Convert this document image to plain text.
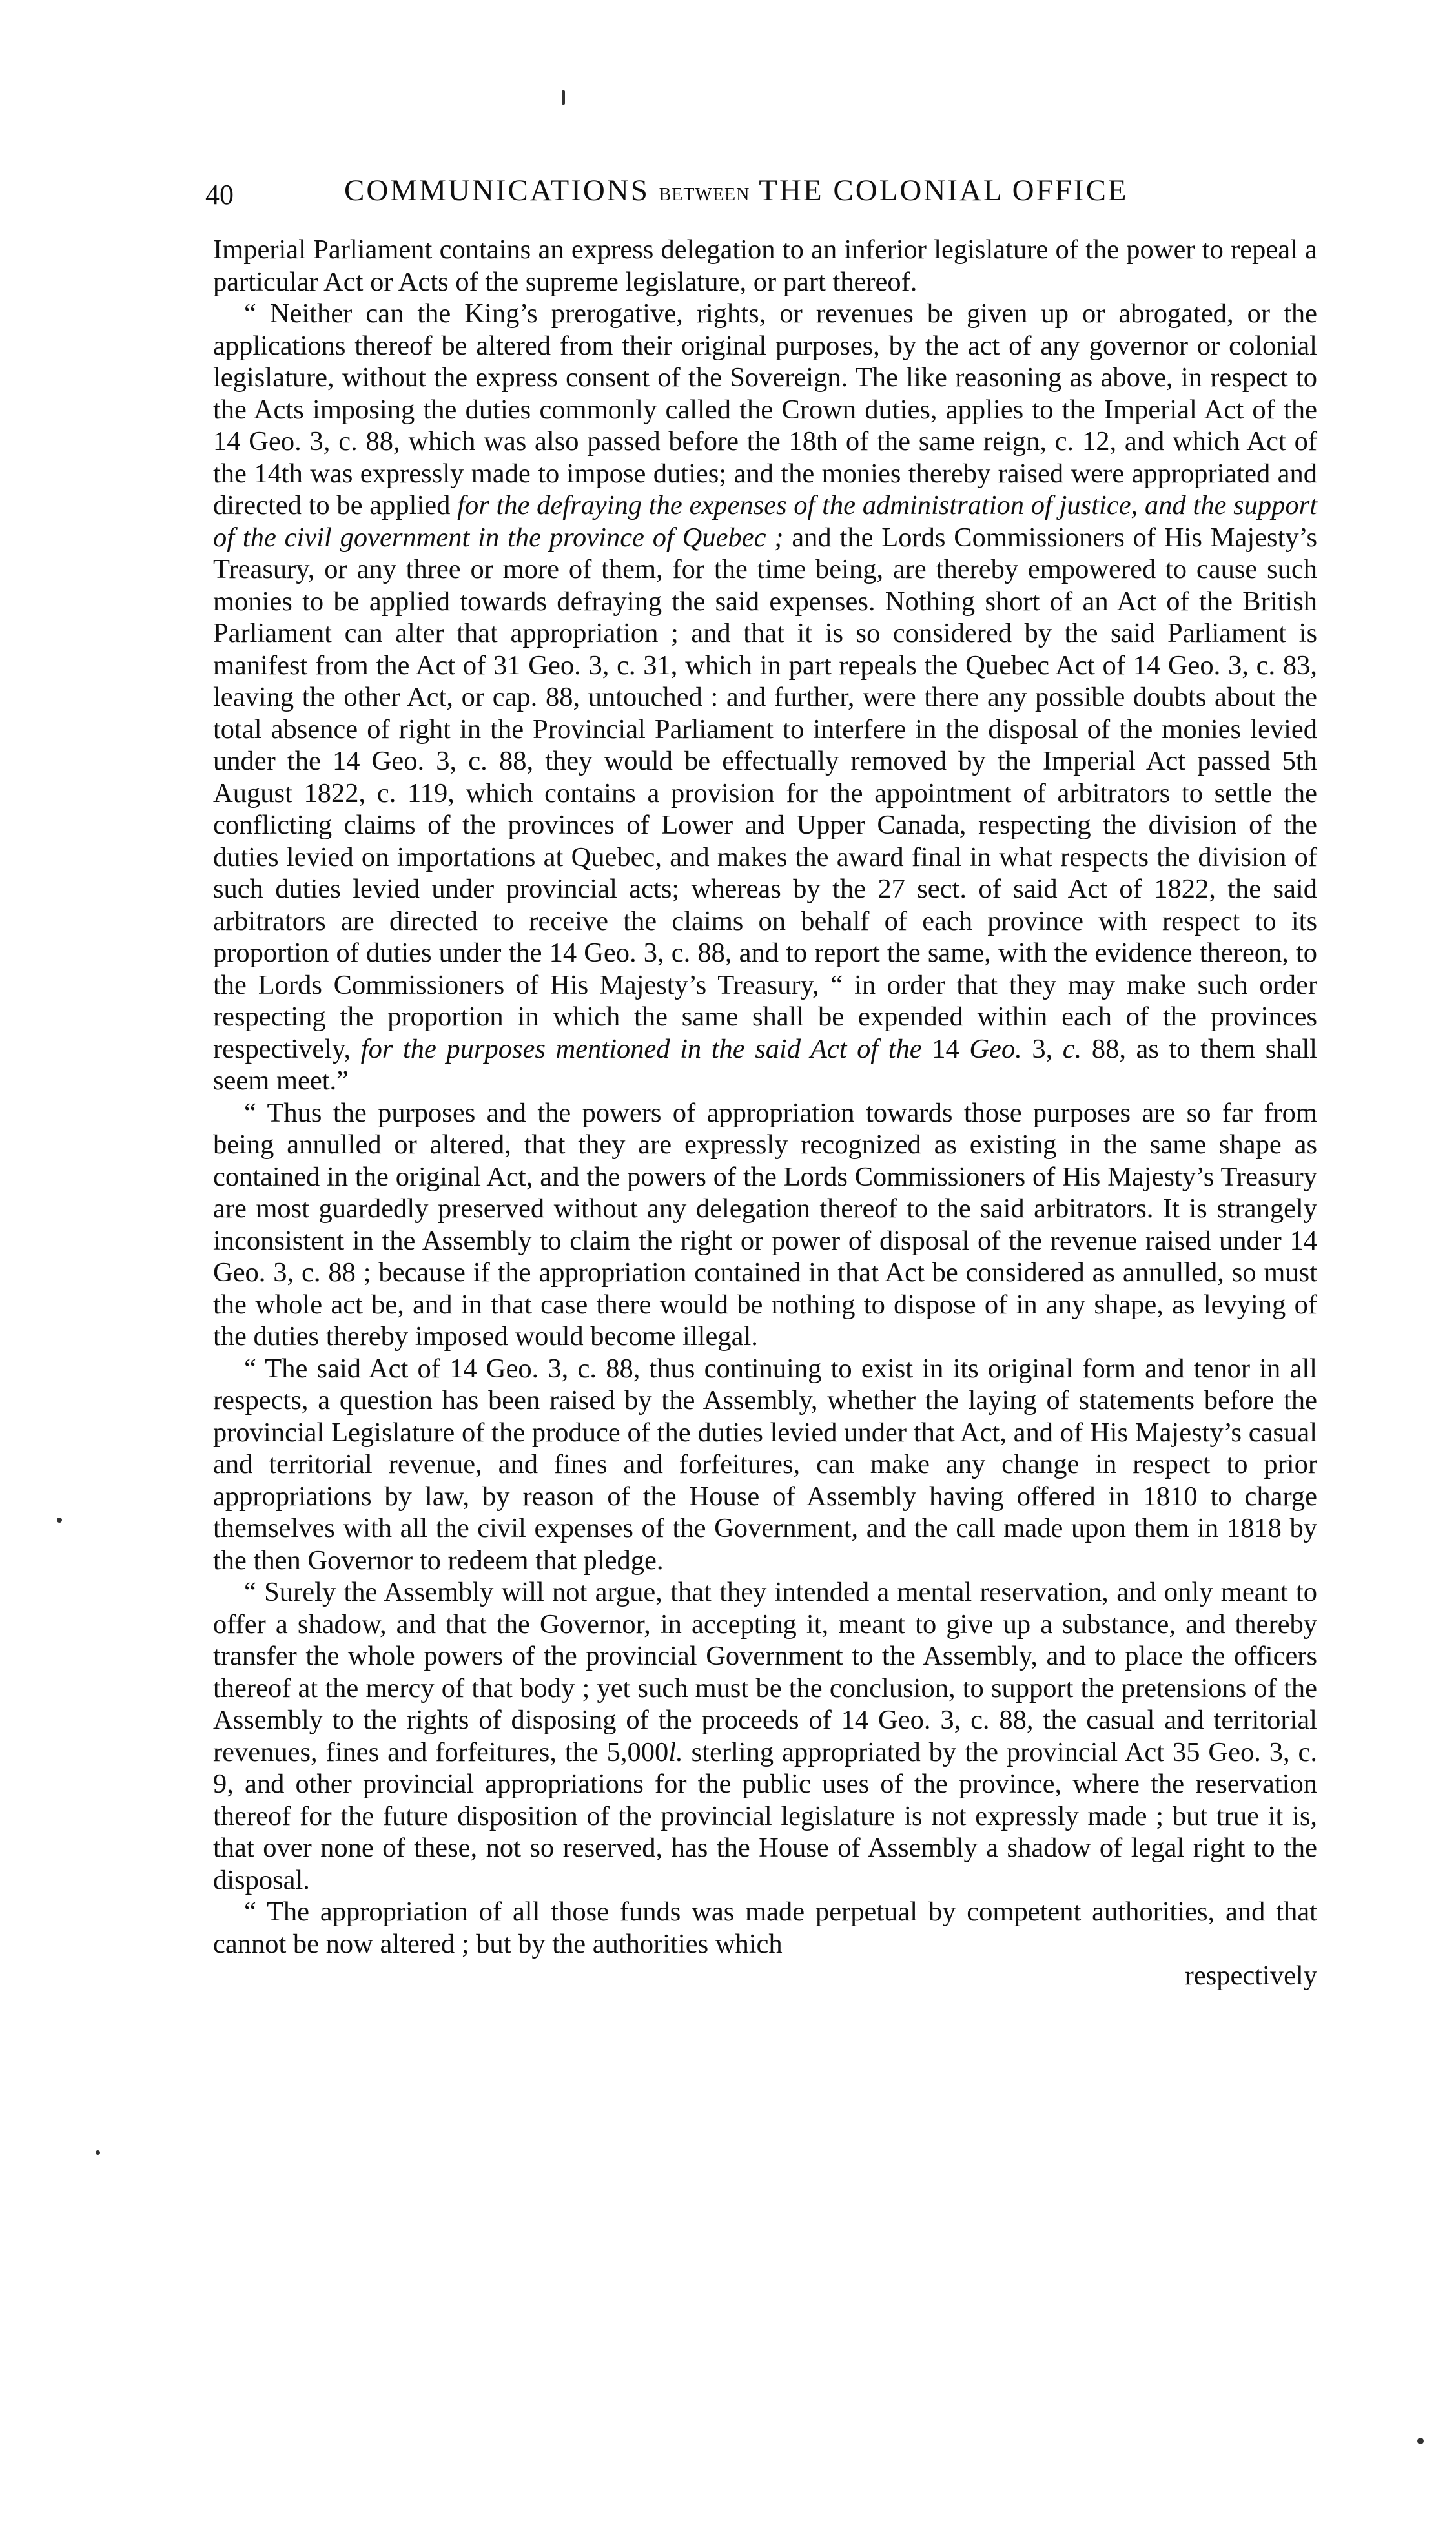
40	COMMUNICATIONS BETWEEN THE COLONIAL OFFICE

Imperial Parliament contains an express delegation to an inferior legislature of the power to repeal a particular Act or Acts of the supreme legislature, or part thereof.

“ Neither can the King’s prerogative, rights, or revenues be given up or abrogated, or the applications thereof be altered from their original purposes, by the act of any governor or colonial legislature, without the express consent of the Sovereign. The like reasoning as above, in respect to the Acts imposing the duties commonly called the Crown duties, applies to the Imperial Act of the 14 Geo. 3, c. 88, which was also passed before the 18th of the same reign, c. 12, and which Act of the 14th was expressly made to impose duties; and the monies thereby raised were appropriated and directed to be applied for the defraying the expenses of the administration of justice, and the support of the civil government in the province of Quebec ; and the Lords Commissioners of His Majesty’s Treasury, or any three or more of them, for the time being, are thereby empowered to cause such monies to be applied towards defraying the said expenses. Nothing short of an Act of the British Parliament can alter that appropriation ; and that it is so considered by the said Parliament is manifest from the Act of 31 Geo. 3, c. 31, which in part repeals the Quebec Act of 14 Geo. 3, c. 83, leaving the other Act, or cap. 88, untouched : and further, were there any possible doubts about the total absence of right in the Provincial Parliament to interfere in the disposal of the monies levied under the 14 Geo. 3, c. 88, they would be effectually removed by the Imperial Act passed 5th August 1822, c. 119, which contains a provision for the appointment of arbitrators to settle the conflicting claims of the provinces of Lower and Upper Canada, respecting the division of the duties levied on importations at Quebec, and makes the award final in what respects the division of such duties levied under provincial acts; whereas by the 27 sect. of said Act of 1822, the said arbitrators are directed to receive the claims on behalf of each province with respect to its proportion of duties under the 14 Geo. 3, c. 88, and to report the same, with the evidence thereon, to the Lords Commissioners of His Majesty’s Treasury, “ in order that they may make such order respecting the proportion in which the same shall be expended within each of the provinces respectively, for the purposes mentioned in the said Act of the 14 Geo. 3, c. 88, as to them shall seem meet.”

“ Thus the purposes and the powers of appropriation towards those purposes are so far from being annulled or altered, that they are expressly recognized as existing in the same shape as contained in the original Act, and the powers of the Lords Commissioners of His Majesty’s Treasury are most guardedly preserved without any delegation thereof to the said arbitrators. It is strangely inconsistent in the Assembly to claim the right or power of disposal of the revenue raised under 14 Geo. 3, c. 88 ; because if the appropriation contained in that Act be considered as annulled, so must the whole act be, and in that case there would be nothing to dispose of in any shape, as levying of the duties thereby imposed would become illegal.

“ The said Act of 14 Geo. 3, c. 88, thus continuing to exist in its original form and tenor in all respects, a question has been raised by the Assembly, whether the laying of statements before the provincial Legislature of the produce of the duties levied under that Act, and of His Majesty’s casual and territorial revenue, and fines and forfeitures, can make any change in respect to prior appropriations by law, by reason of the House of Assembly having offered in 1810 to charge themselves with all the civil expenses of the Government, and the call made upon them in 1818 by the then Governor to redeem that pledge.

“ Surely the Assembly will not argue, that they intended a mental reservation, and only meant to offer a shadow, and that the Governor, in accepting it, meant to give up a substance, and thereby transfer the whole powers of the provincial Government to the Assembly, and to place the officers thereof at the mercy of that body ; yet such must be the conclusion, to support the pretensions of the Assembly to the rights of disposing of the proceeds of 14 Geo. 3, c. 88, the casual and territorial revenues, fines and forfeitures, the 5,000l. sterling appropriated by the provincial Act 35 Geo. 3, c. 9, and other provincial appropriations for the public uses of the province, where the reservation thereof for the future disposition of the provincial legislature is not expressly made ; but true it is, that over none of these, not so reserved, has the House of Assembly a shadow of legal right to the disposal.

“ The appropriation of all those funds was made perpetual by competent authorities, and that cannot be now altered ; but by the authorities which

respectively
